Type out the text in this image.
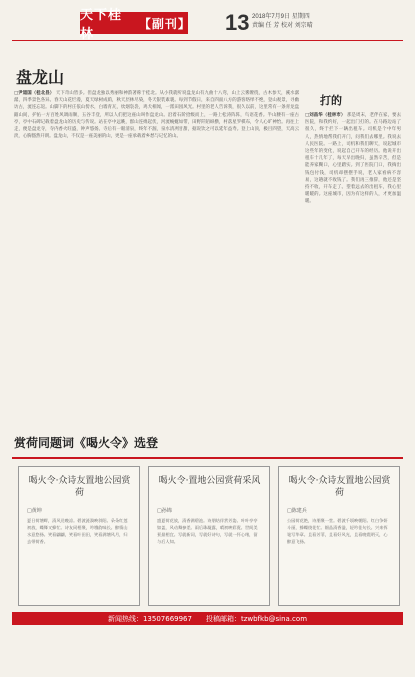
天下桂林
【副刊】 13 2018年7月9日 星期四
责编 任 芳 校对 刘宗晴
盘龙山
□尹道国（桂北县） 天下奇山皆多。但盘龙独以秀丽和神韵著称于桂北。从小我就听说盘龙山有九曲十八弯，山上云雾缭绕，古木参天，溪水潺潺，四季景色各异。春天山花烂漫，夏天绿树成荫，秋天层林尽染，冬天银装素裹。每到节假日，来自四面八方的游客络绎不绝，登山观景，寻幽访古，流连忘返。山脚下的村庄依山傍水，白墙青瓦，炊烟袅袅，鸡犬相闻，一派田园风光。村里的老人告诉我，很久以前，这里常有一条青龙盘踞山间，护佑一方百姓风调雨顺，五谷丰登，所以人们把这座山叫作盘龙山。沿着石阶拾级而上，一路上松涛阵阵，鸟语花香。半山腰有一座古亭，亭中石碑记载着盘龙山的历史与传说。站在亭中远眺，群山连绵起伏，河流蜿蜒如带，田野阡陌纵横，村落星罗棋布，令人心旷神怡。再往上走，便是盘龙寺，寺内香火旺盛，钟声悠扬。寺后有一眼清泉，终年不涸，泉水清冽甘甜，据说饮之可以延年益寿。登上山顶，极目四望，天高云淡，心胸豁然开朗。盘龙山，不仅是一座美丽的山，更是一座承载着乡愁与记忆的山。
打的
□刘昌华（桂林市） 那是周末，老伴在家，要去医院，和我约好，一起出门打的。在马路边站了很久，终于拦下一辆出租车。司机是个中年男人，热情地帮我们开门，问我们去哪里。我说去人民医院。一路上，司机和我们聊天，说起城市这些年的变化，说起自己开车的经历。他说开出租车十几年了，每天早出晚归，虽然辛苦，但是能养家糊口，心里踏实。到了医院门口，我掏出钱包付钱，司机却摆摆手说，老人家看病不容易，这趟就不收钱了。我们再三推辞，他还是坚持不收，开车走了。望着远去的出租车，我心里暖暖的。这座城市，因为有这样的人，才更加温暖。
赏荷同题词《喝火令》选登
喝火令·众诗友置地公园赏荷
□黄坤
夏日荷塘畔，清风送晚凉。碧波涟漪映斜阳。朵朵红莲初放，蝶舞又蜂忙。诗友同相聚，吟哦韵味长。醉情山水意悠扬。笑看翩翩，笑看叶田田，笑看满塘风月，归去带荷香。
喝火令·置地公园赏荷采风
□孙锦
盛夏荷花放，清香满碧池。诗朋结伴赏芳姿。叶叶亭亭如盖，风动舞参差。雨后珠凝露，晴初映彩霓。世间美景最相宜。写就新词，写就好诗句，写就一怀心绪，留与后人知。
喝火令·众诗友置地公园赏荷
□陈建兵
公园荷花艳，诗朋聚一堂。碧波千顷映朝阳。红白争妍斗丽，蜂蝶绕花忙。细品清香溢，轻吟佳句长。兴来挥笔写华章。且看芳菲，且看好风光，且看晚霞明灭，心醉意飞扬。
新闻热线：13507669967 投稿邮箱：tzwbfkb@sina.com
